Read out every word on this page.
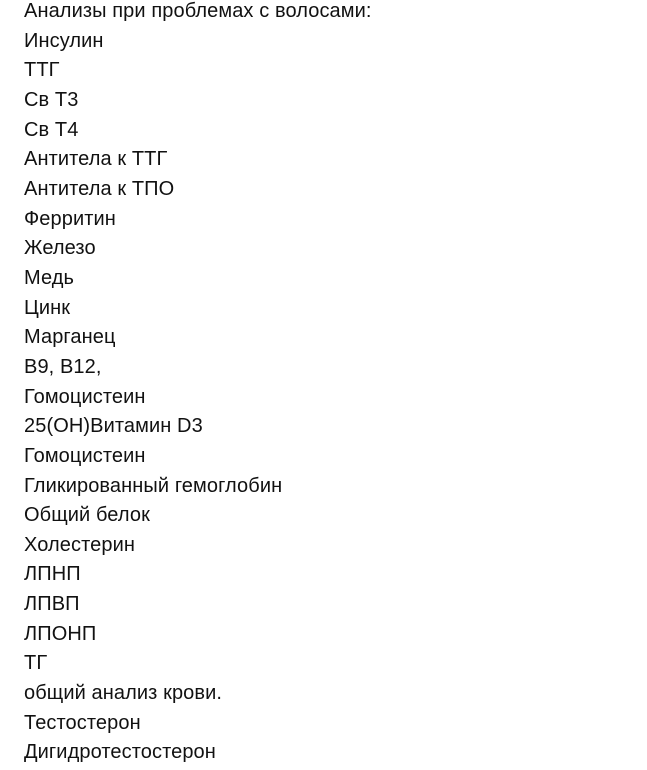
Анализы при проблемах с волосами:
Инсулин
ТТГ
Св Т3
Св Т4
Антитела к ТТГ
Антитела к ТПО
Ферритин
Железо
Медь
Цинк
Марганец
В9, В12,
Гомоцистеин
25(ОН)Витамин D3
Гомоцистеин
Гликированный гемоглобин
Общий белок
Холестерин
ЛПНП
ЛПВП
ЛПОНП
ТГ
общий анализ крови.
Тестостерон
Дигидротестостерон
